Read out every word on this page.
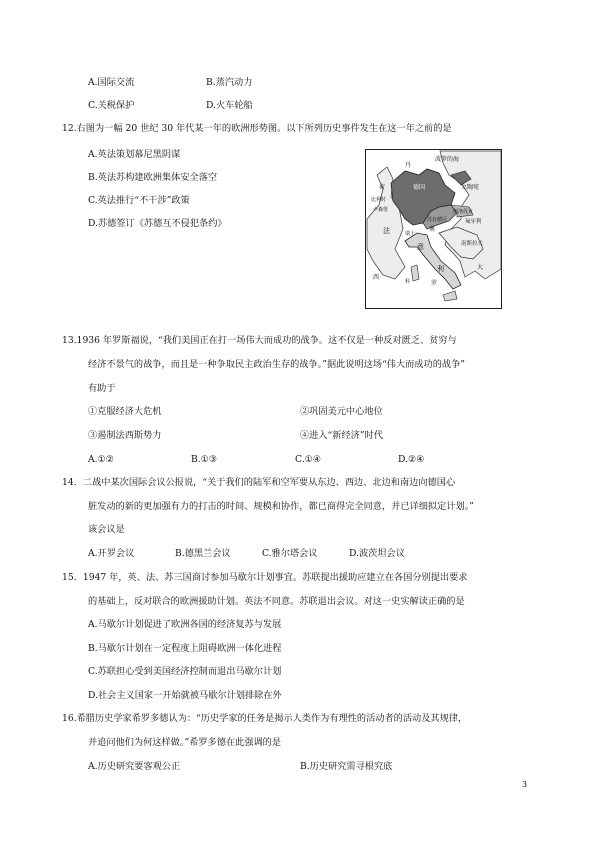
A.国际交流	B.蒸汽动力
C.关税保护	D.火车轮船
12.右图为一幅 20 世纪 30 年代某一年的欧洲形势图。以下所列历史事件发生在这一年之前的是
A.英法策划慕尼黑阴谋
B.英法苏构建欧洲集体安全落空
C.英法推行“不干涉”政策
D.苏德签订《苏德互不侵犯条约》
波罗的海
立陶宛
德国
丹
荷
比利时
卢森堡
法	瑞士
苏台德区
斯洛伐克
匈牙利
奥
南斯拉夫
意
大
利
罗
西
科
13.1936 年罗斯福说，“我们美国正在打一场伟大而成功的战争。这不仅是一种反对匮乏、贫穷与
经济不景气的战争，而且是一种争取民主政治生存的战争。”据此说明这场“伟大而成功的战争”
有助于
①克服经济大危机	②巩固美元中心地位
③遏制法西斯势力	④进入“新经济”时代
A.①②	B.①③	C.①④	D.②④
14．二战中某次国际会议公报说，“关于我们的陆军和空军要从东边、西边、北边和南边向德国心
脏发动的新的更加强有力的打击的时间、规模和协作，都已商得完全同意，并已详细拟定计划。”
该会议是
A.开罗会议	B.德黑兰会议	C.雅尔塔会议	D.波茨坦会议
15．1947 年，英、法、苏三国商讨参加马歇尔计划事宜。苏联提出援助应建立在各国分别提出要求
的基础上，反对联合的欧洲援助计划。英法不同意。苏联退出会议。对这一史实解读正确的是
A.马歇尔计划促进了欧洲各国的经济复苏与发展
B.马歇尔计划在一定程度上阻碍欧洲一体化进程
C.苏联担心受到美国经济控制而退出马歇尔计划
D.社会主义国家一开始就被马歇尔计划排除在外
16.希腊历史学家希罗多德认为：“历史学家的任务是揭示人类作为有理性的活动者的活动及其规律，
并追问他们为何这样做。”希罗多德在此强调的是
A.历史研究要客观公正	B.历史研究需寻根究底
3
